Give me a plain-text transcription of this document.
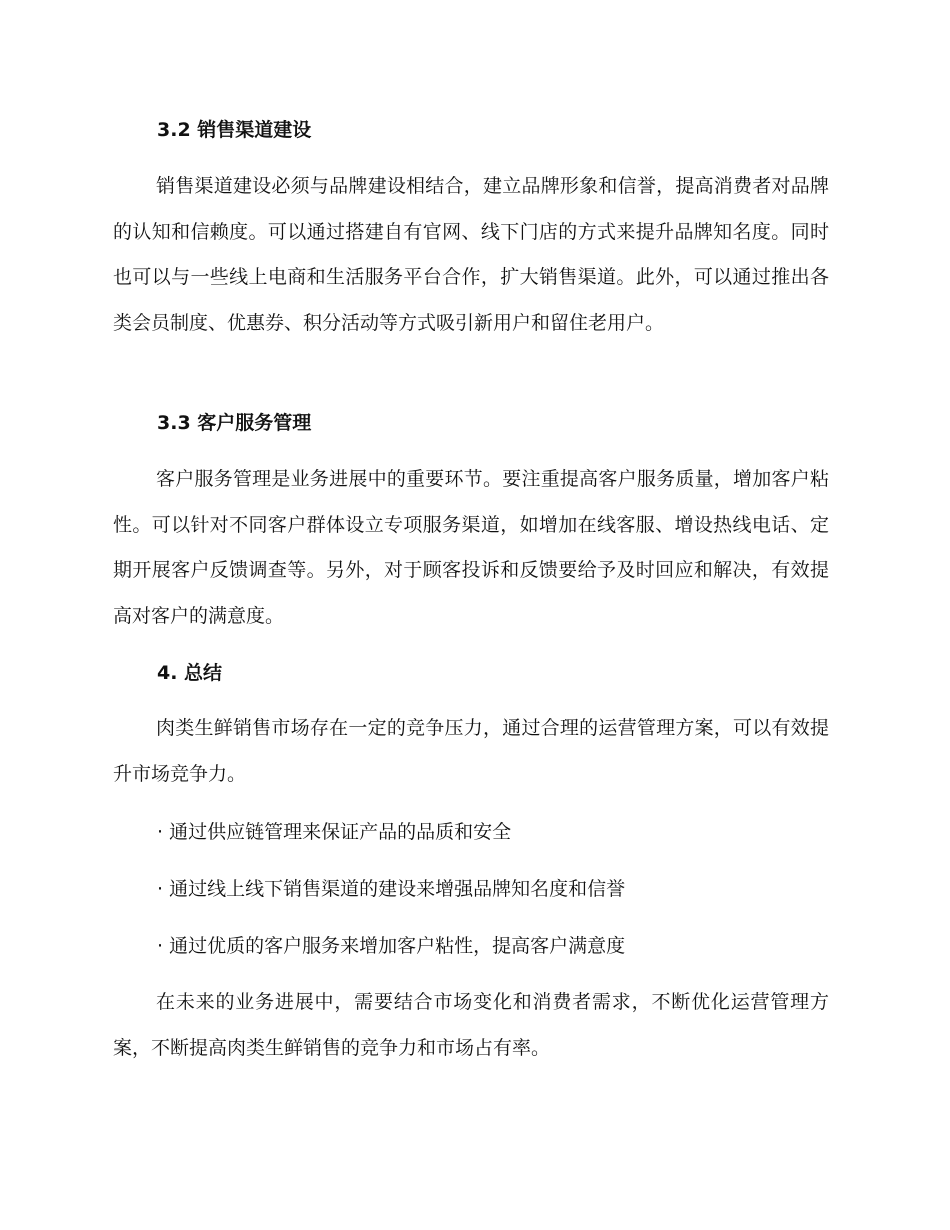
3.2 销售渠道建设

销售渠道建设必须与品牌建设相结合，建立品牌形象和信誉，提高消费者对品牌的认知和信赖度。可以通过搭建自有官网、线下门店的方式来提升品牌知名度。同时也可以与一些线上电商和生活服务平台合作，扩大销售渠道。此外，可以通过推出各类会员制度、优惠券、积分活动等方式吸引新用户和留住老用户。

3.3 客户服务管理

客户服务管理是业务进展中的重要环节。要注重提高客户服务质量，增加客户粘性。可以针对不同客户群体设立专项服务渠道，如增加在线客服、增设热线电话、定期开展客户反馈调查等。另外，对于顾客投诉和反馈要给予及时回应和解决，有效提高对客户的满意度。

4. 总结

肉类生鲜销售市场存在一定的竞争压力，通过合理的运营管理方案，可以有效提升市场竞争力。

· 通过供应链管理来保证产品的品质和安全

· 通过线上线下销售渠道的建设来增强品牌知名度和信誉

· 通过优质的客户服务来增加客户粘性，提高客户满意度

在未来的业务进展中，需要结合市场变化和消费者需求，不断优化运营管理方案，不断提高肉类生鲜销售的竞争力和市场占有率。
